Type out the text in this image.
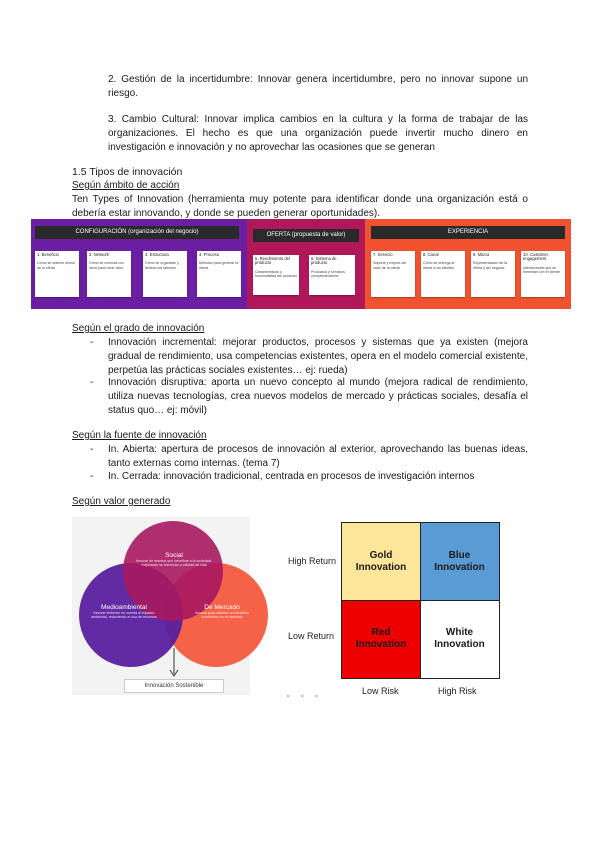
2. Gestión de la incertidumbre: Innovar genera incertidumbre, pero no innovar supone un riesgo.
3. Cambio Cultural: Innovar implica cambios en la cultura y la forma de trabajar de las organizaciones. El hecho es que una organización puede invertir mucho dinero en investigación e innovación y no aprovechar las ocasiones que se generan
1.5 Tipos de innovación
Según ámbito de acción
Ten Types of Innovation (herramienta muy potente para identificar donde una organización está o debería estar innovando, y donde se pueden generar oportunidades).
CONFIGURACIÓN (organización del negocio)
1. Beneficio
Cómo se obtiene dinero de la oferta
2. Network
Cómo se conecta con otros para crear valor
3. Estructura
Cómo se organizan y alinean los talentos
4. Proceso
Métodos para generar la oferta
OFERTA (propuesta de valor)
5. Rendimiento del producto
Características y funcionalidad del producto
6. Sistema de producto
Productos y servicios complementarios
EXPERIENCIA
7. Servicio
Soporte y mejora del valor de la oferta
8. Canal
Cómo se entrega la oferta a los clientes
9. Marca
Representación de la oferta y del negocio
10. Customer engagement
Interacciones que se fomentan con el cliente
Según el grado de innovación
- Innovación incremental: mejorar productos, procesos y sistemas que ya existen (mejora gradual de rendimiento, usa competencias existentes, opera en el modelo comercial existente, perpetúa las prácticas sociales existentes… ej: rueda)
- Innovación disruptiva: aporta un nuevo concepto al mundo (mejora radical de rendimiento, utiliza nuevas tecnologías, crea nuevos modelos de mercado y prácticas sociales, desafía el status quo… ej: móvil)
Según la fuente de innovación
- In. Abierta: apertura de procesos de innovación al exterior, aprovechando las buenas ideas, tanto externas como internas. (tema 7)
- In. Cerrada: innovación tradicional, centrada en procesos de investigación internos
Según valor generado
Social
Innovar de manera que beneficie a la sociedad, mejorando su bienestar y calidad de vida
Medioambiental
Innovar teniendo en cuenta el impacto ambiental, reduciendo el uso de recursos
De Mercado
Innovar para obtener un beneficio económico en el mercado
Innovación Sostenible
● ● ●
Gold Innovation
Blue Innovation
Red Innovation
White Innovation
High Return
Low Return
Low Risk	High Risk
